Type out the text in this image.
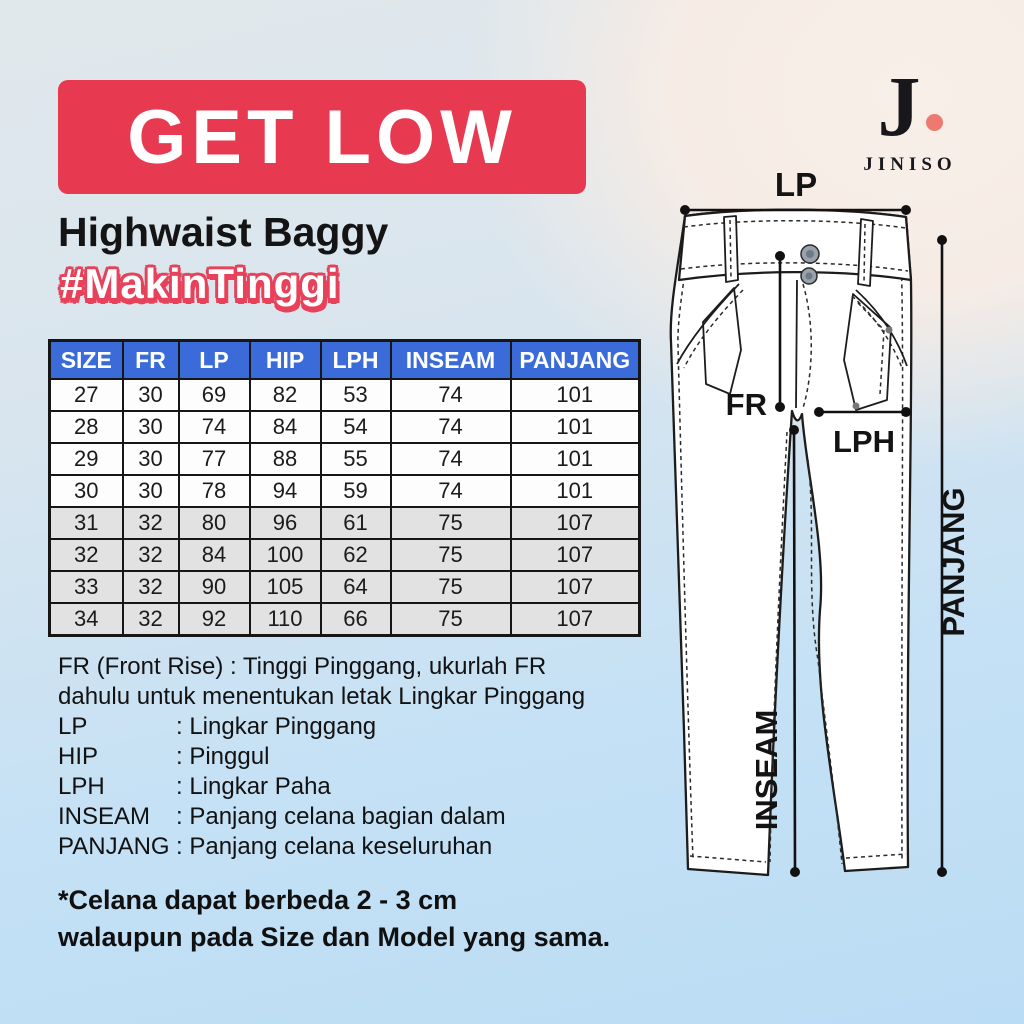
GET LOW	J
JINISO
Highwaist Baggy
#MakinTinggi
SIZE	FR	LP	HIP	LPH	INSEAM	PANJANG
27	30	69	82	53	74	101
28	30	74	84	54	74	101
29	30	77	88	55	74	101
30	30	78	94	59	74	101
31	32	80	96	61	75	107
32	32	84	100	62	75	107
33	32	90	105	64	75	107
34	32	92	110	66	75	107
FR (Front Rise) : Tinggi Pinggang, ukurlah FR
dahulu untuk menentukan letak Lingkar Pinggang
LP	: Lingkar Pinggang
HIP	: Pinggul
LPH	: Lingkar Paha
INSEAM	: Panjang celana bagian dalam
PANJANG : Panjang celana keseluruhan
*Celana dapat berbeda 2 - 3 cm
walaupun pada Size dan Model yang sama.
LP
FR
LPH
INSEAM
PANJANG
